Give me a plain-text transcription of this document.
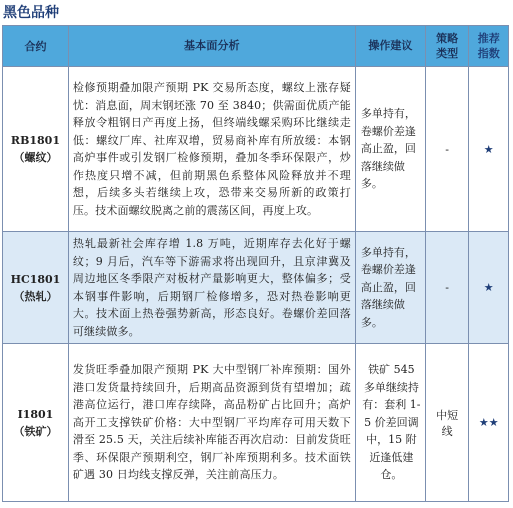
黑色品种
合约	基本面分析	操作建议	策略类型	推荐指数

RB1801
（螺纹）	检修预期叠加限产预期 PK 交易所态度，螺纹上涨存疑忧：消息面，周末钢坯涨 70 至 3840；供需面优质产能释放令粗钢日产再度上扬，但终端线螺采购环比继续走低：螺纹厂库、社库双增，贸易商补库有所放缓：本钢高炉事件或引发钢厂检修预期，叠加冬季环保限产，炒作热度只增不减，但前期黑色系整体风险释放并不理想，后续多头若继续上攻，恐带来交易所新的政策打压。技术面螺纹脱离之前的震荡区间，再度上攻。	多单持有，卷螺价差逢高止盈，回落继续做多。	-	★

HC1801
（热轧）	热轧最新社会库存增 1.8 万吨，近期库存去化好于螺纹；9 月后，汽车等下游需求将出现回升，且京津冀及周边地区冬季限产对板材产量影响更大，整体偏多；受本钢事件影响，后期钢厂检修增多，恐对热卷影响更大。技术面上热卷强势新高，形态良好。卷螺价差回落可继续做多。	多单持有，卷螺价差逢高止盈，回落继续做多。	-	★

I1801
（铁矿）	发货旺季叠加限产预期 PK 大中型钢厂补库预期：国外港口发货量持续回升，后期高品资源到货有望增加；疏港高位运行，港口库存续降，高品粉矿占比回升；高炉高开工支撑铁矿价格：大中型钢厂平均库存可用天数下滑至 25.5 天，关注后续补库能否再次启动：目前发货旺季、环保限产预期利空，钢厂补库预期利多。技术面铁矿遇 30 日均线支撑反弹，关注前高压力。	铁矿 545 多单继续持有：套利 1-5 价差回调中，15 附近逢低建仓。	中短线	★★
